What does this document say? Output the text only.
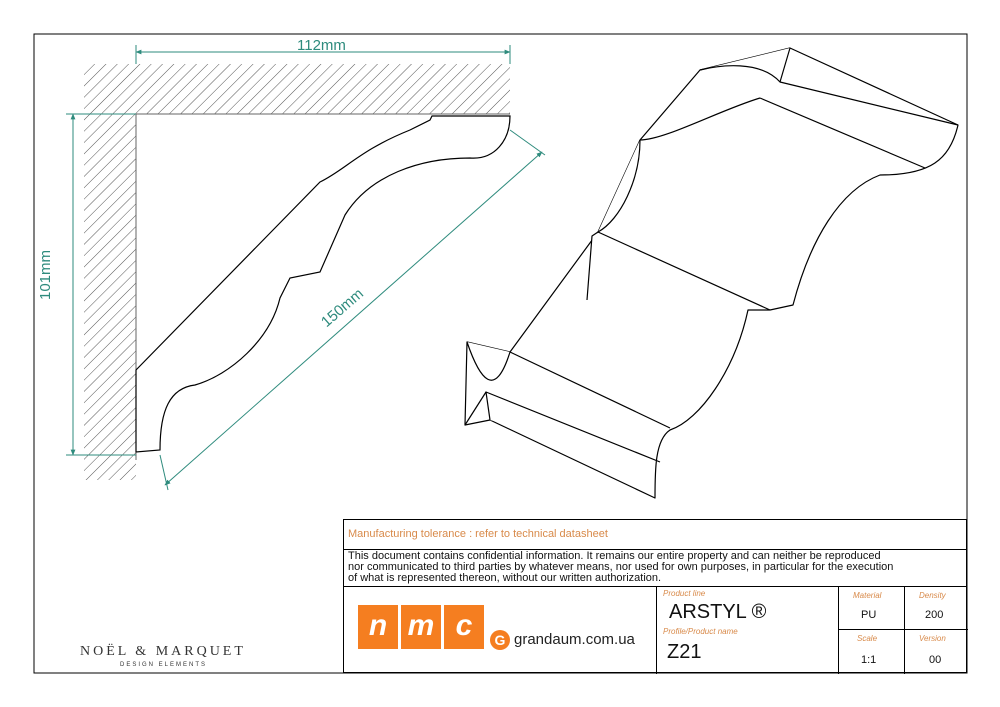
112mm
101mm
150mm
NOËL & MARQUET
DESIGN ELEMENTS
Manufacturing tolerance : refer to technical datasheet
This document contains confidential information. It remains our entire property and can neither be reproduced
nor communicated to third parties by whatever means, nor used for own purposes, in particular for the execution
of what is represented thereon, without our written authorization.
Product line
ARSTYL ®
Profile/Product name
Z21
Material
PU
Density
200
Scale
1:1
Version
00
n m c	G grandaum.com.ua
